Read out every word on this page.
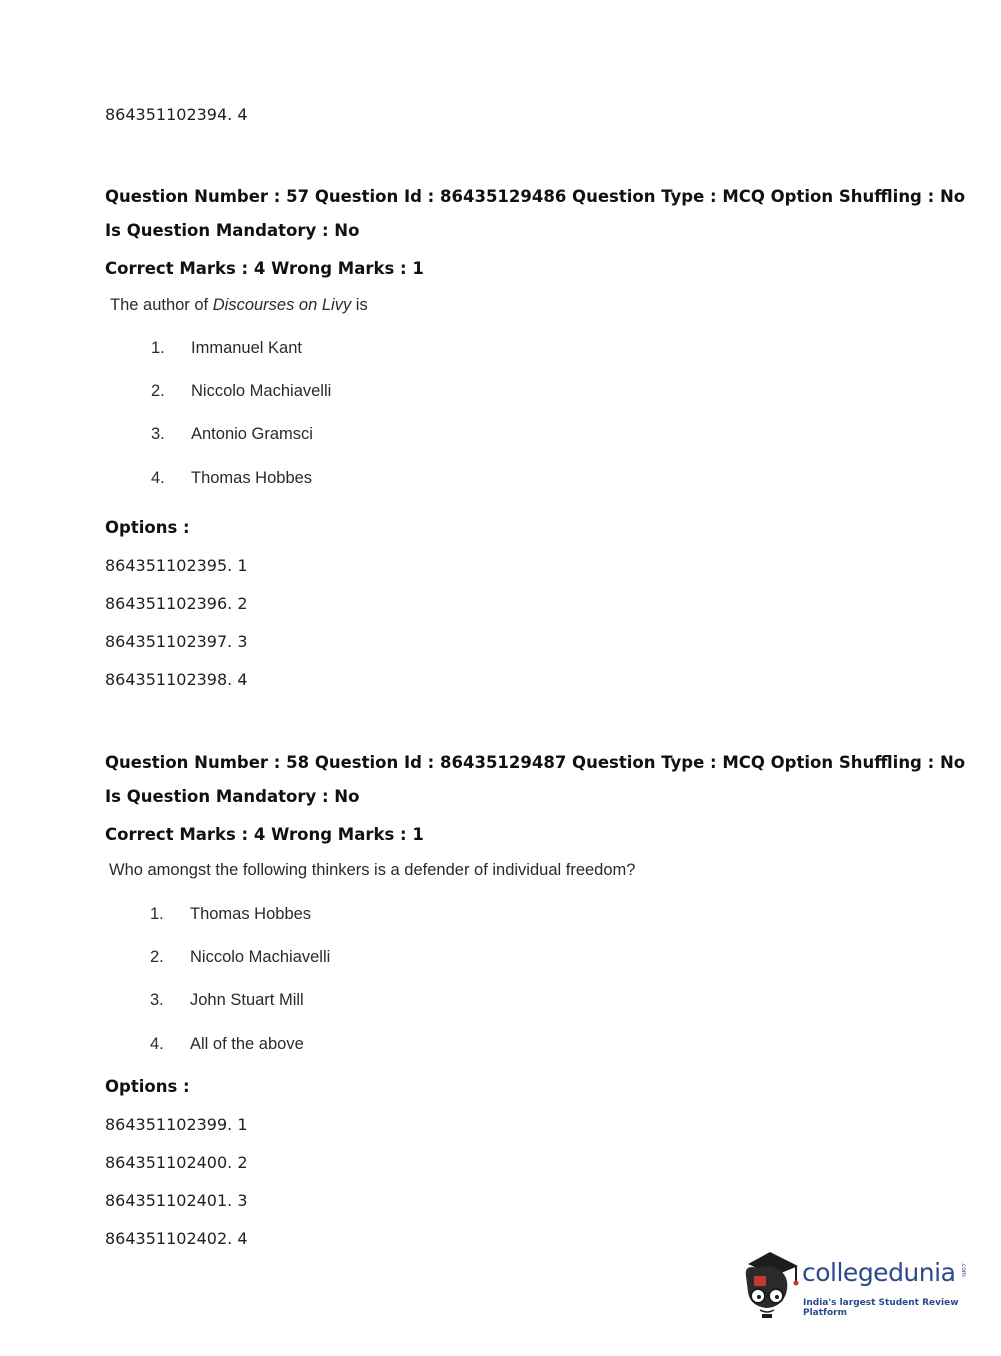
864351102394. 4
Question Number : 57 Question Id : 86435129486 Question Type : MCQ Option Shuffling : No
Is Question Mandatory : No
Correct Marks : 4 Wrong Marks : 1
The author of Discourses on Livy is
1. Immanuel Kant
2. Niccolo Machiavelli
3. Antonio Gramsci
4. Thomas Hobbes
Options :
864351102395. 1
864351102396. 2
864351102397. 3
864351102398. 4
Question Number : 58 Question Id : 86435129487 Question Type : MCQ Option Shuffling : No
Is Question Mandatory : No
Correct Marks : 4 Wrong Marks : 1
Who amongst the following thinkers is a defender of individual freedom?
1. Thomas Hobbes
2. Niccolo Machiavelli
3. John Stuart Mill
4. All of the above
Options :
864351102399. 1
864351102400. 2
864351102401. 3
864351102402. 4
collegedunia .com
India's largest Student Review Platform
